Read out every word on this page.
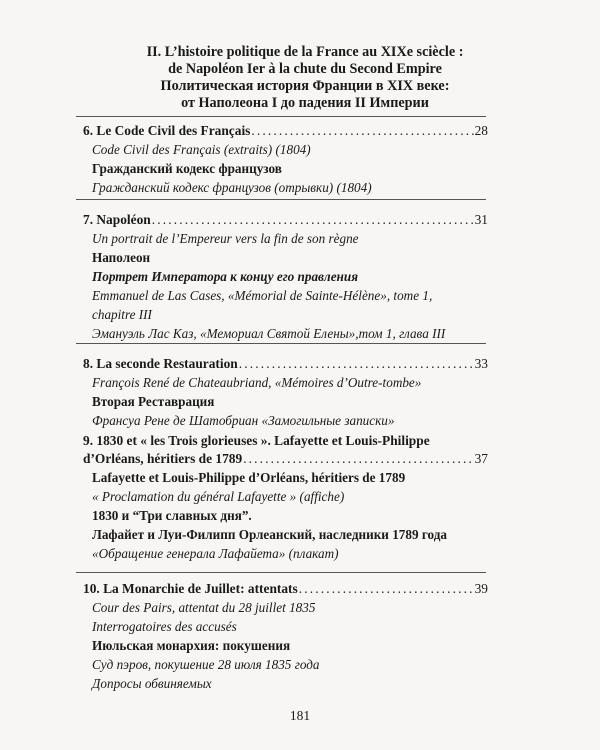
II. L’histoire politique de la France au XIXe sciècle :
de Napoléon Ier à la chute du Second Empire
Политическая история Франции в XIX веке:
от Наполеона I до падения II Империи
6. Le Code Civil des Français . . .	28
Code Civil des Français (extraits) (1804)
Гражданский кодекс французов
Гражданский кодекс французов (отрывки) (1804)
7. Napoléon . . .	31
Un portrait de l’Empereur vers la fin de son règne
Наполеон
Портрет Императора к концу его правления
Emmanuel de Las Cases, «Mémorial de Sainte-Hélène», tome 1,
chapitre III
Эмануэль Лас Каз, «Мемориал Святой Елены»,том 1, глава III
8. La seconde Restauration . . .	33
François René de Chateaubriand, «Mémoires d’Outre-tombe»
Вторая Реставрация
Франсуа Рене де Шатобриан «Замогильные записки»
9. 1830 et « les Trois glorieuses ». Lafayette et Louis-Philippe
d’Orléans, héritiers de 1789 . . .	37
Lafayette et Louis-Philippe d’Orléans, héritiers de 1789
« Proclamation du général Lafayette » (affiche)
1830 и “Три славных дня”.
Лафайет и Луи-Филипп Орлеанский, наследники 1789 года
«Обращение генерала Лафайета» (плакат)
10. La Monarchie de Juillet: attentats . . .	39
Cour des Pairs, attentat du 28 juillet 1835
Interrogatoires des accusés
Июльская монархия: покушения
Суд пэров, покушение 28 июля 1835 года
Допросы обвиняемых
181
